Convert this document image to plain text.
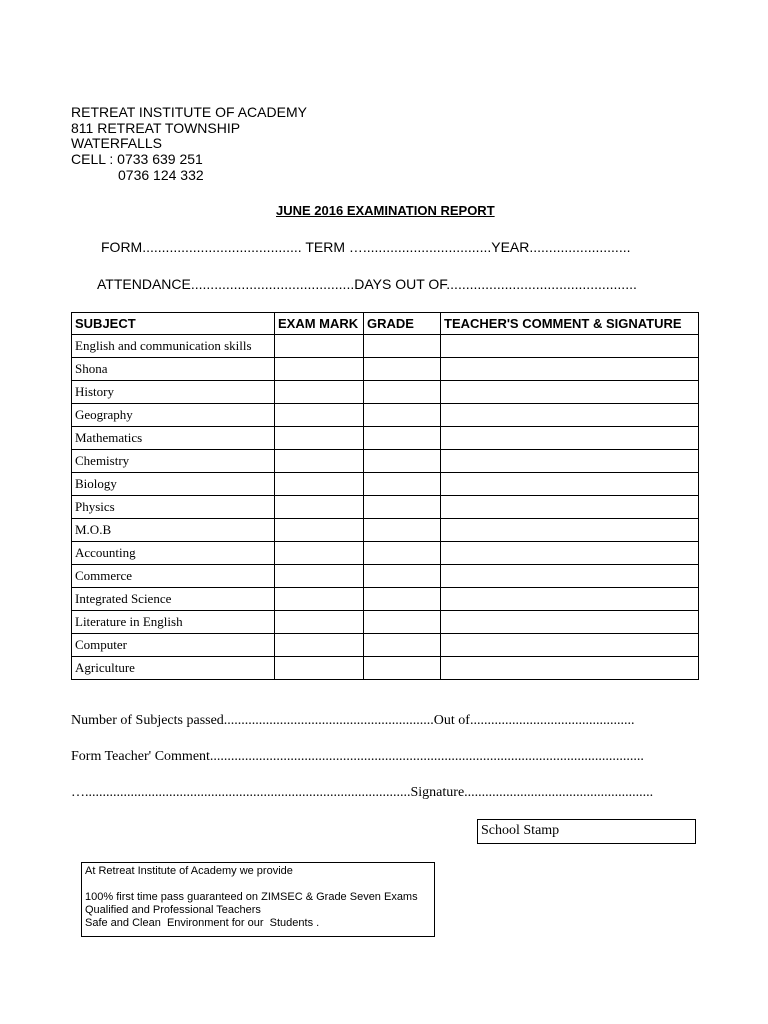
RETREAT INSTITUTE OF ACADEMY
811 RETREAT TOWNSHIP
WATERFALLS
CELL : 0733 639 251
0736 124 332
JUNE 2016 EXAMINATION REPORT
FORM......................................... TERM ….................................YEAR..........................
ATTENDANCE..........................................DAYS OUT OF.................................................
SUBJECT	EXAM MARK	GRADE	TEACHER'S COMMENT & SIGNATURE
English and communication skills			
Shona			
History			
Geography			
Mathematics			
Chemistry			
Biology			
Physics			
M.O.B			
Accounting			
Commerce			
Integrated Science			
Literature in English			
Computer			
Agriculture			
Number of Subjects passed............................................................Out of...............................................
Form Teacher' Comment............................................................................................................................
….............................................................................................Signature......................................................
School Stamp
At Retreat Institute of Academy we provide
100% first time pass guaranteed on ZIMSEC & Grade Seven Exams
Qualified and Professional Teachers
Safe and Clean  Environment for our  Students .
